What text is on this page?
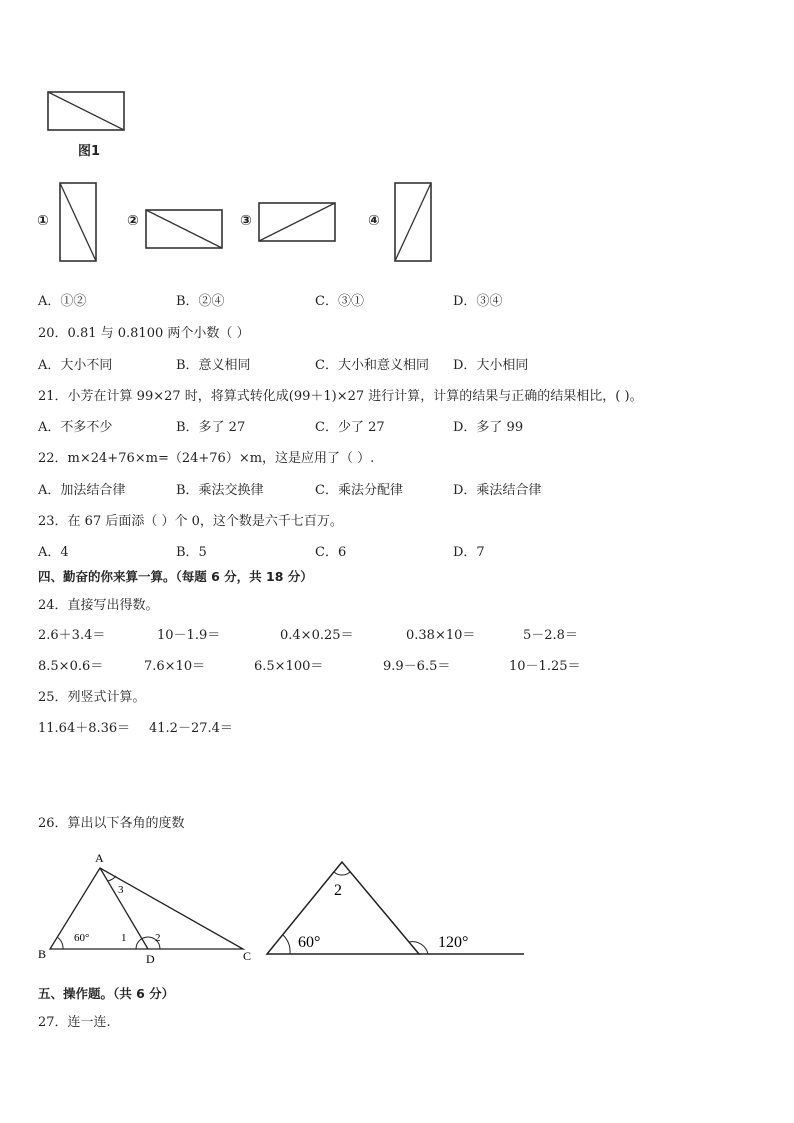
图1
①	②	③	④
A．①②	B．②④	C．③①	D．③④
20．0.81 与 0.8100 两个小数（ ）
A．大小不同	B．意义相同	C．大小和意义相同 D．大小相同
21．小芳在计算 99×27 时，将算式转化成(99＋1)×27 进行计算，计算的结果与正确的结果相比，( )。
A．不多不少	B．多了 27	C．少了 27	D．多了 99
22．m×24+76×m=（24+76）×m，这是应用了（ ）.
A．加法结合律	B．乘法交换律	C．乘法分配律	D．乘法结合律
23．在 67 后面添（ ）个 0，这个数是六千七百万。
A．4	B．5	C．6	D．7
四、勤奋的你来算一算。（每题 6 分，共 18 分）
24．直接写出得数。
2.6＋3.4＝	10－1.9＝	0.4×0.25＝	0.38×10＝	5－2.8＝
8.5×0.6＝	7.6×10＝	6.5×100＝	9.9－6.5＝	10－1.25＝
25．列竖式计算。
11.64＋8.36＝ 41.2－27.4＝
26．算出以下各角的度数
A
B	C
D
60°	1	2
3	2
60°	120°
五、操作题。（共 6 分）
27．连一连.
